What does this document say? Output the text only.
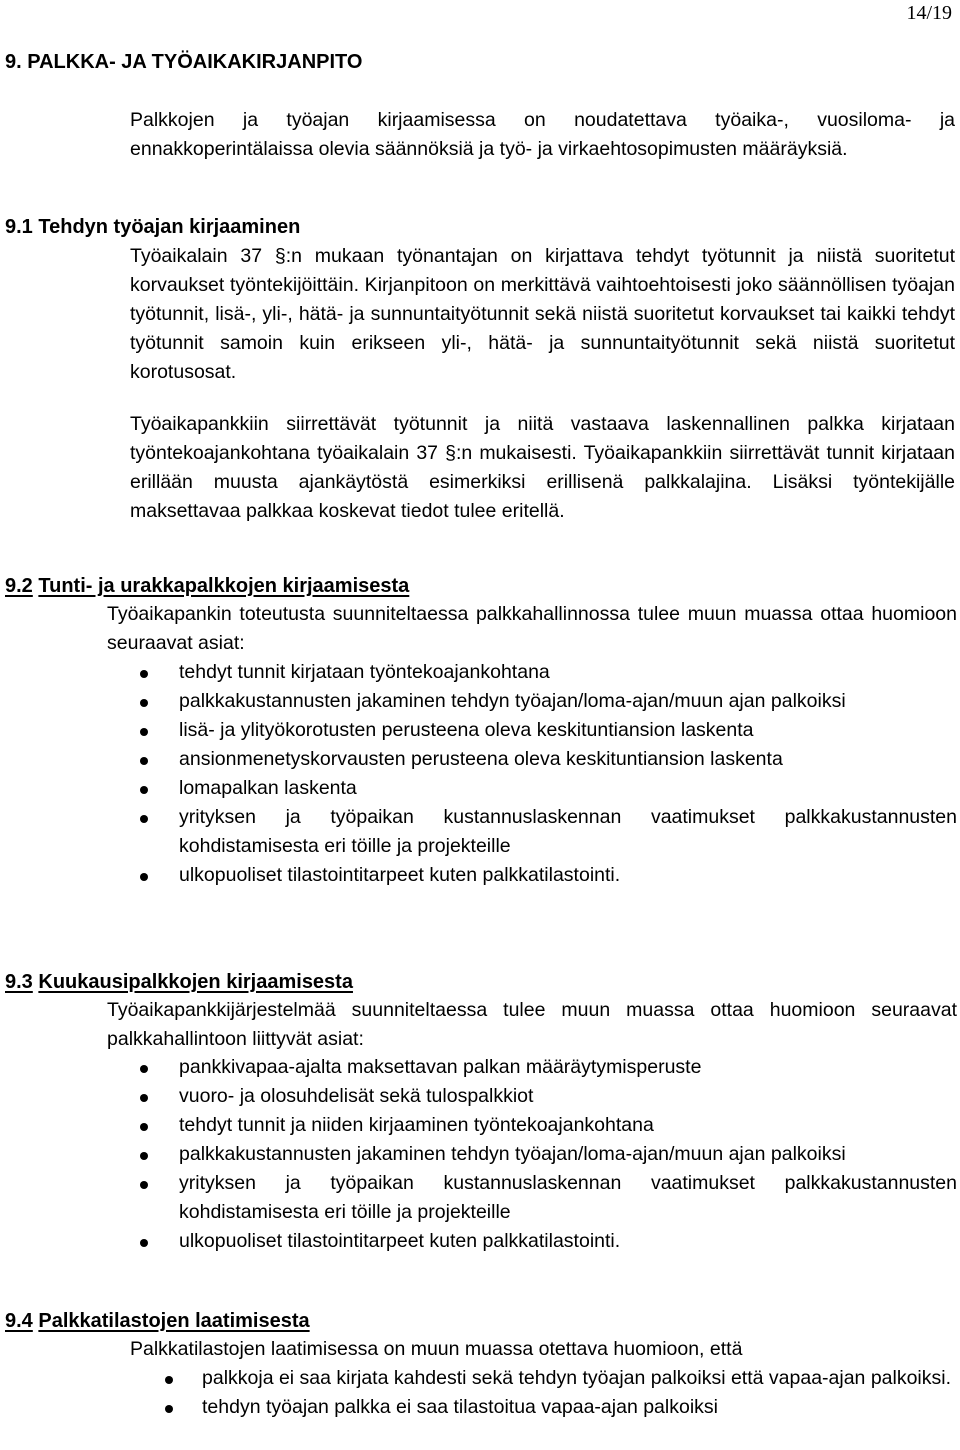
14/19
9. PALKKA- JA TYÖAIKAKIRJANPITO

Palkkojen ja työajan kirjaamisessa on noudatettava työaika-, vuosiloma- ja ennakkoperintälaissa olevia säännöksiä ja työ- ja virkaehtosopimusten määräyksiä.

9.1 Tehdyn työajan kirjaaminen

Työaikalain 37 §:n mukaan työnantajan on kirjattava tehdyt työtunnit ja niistä suoritetut korvaukset työntekijöittäin. Kirjanpitoon on merkittävä vaihtoehtoisesti joko säännöllisen työajan työtunnit, lisä-, yli-, hätä- ja sunnuntaityötunnit sekä niistä suoritetut korvaukset tai kaikki tehdyt työtunnit samoin kuin erikseen yli-, hätä- ja sunnuntaityötunnit sekä niistä suoritetut korotusosat.

Työaikapankkiin siirrettävät työtunnit ja niitä vastaava laskennallinen palkka kirjataan työntekoajankohtana työaikalain 37 §:n mukaisesti. Työaikapankkiin siirrettävät tunnit kirjataan erillään muusta ajankäytöstä esimerkiksi erillisenä palkkalajina. Lisäksi työntekijälle maksettavaa palkkaa koskevat tiedot tulee eritellä.

9.2 Tunti- ja urakkapalkkojen kirjaamisesta

Työaikapankin toteutusta suunniteltaessa palkkahallinnossa tulee muun muassa ottaa huomioon seuraavat asiat:

tehdyt tunnit kirjataan työntekoajankohtana
palkkakustannusten jakaminen tehdyn työajan/loma-ajan/muun ajan palkoiksi
lisä- ja ylityökorotusten perusteena oleva keskituntiansion laskenta
ansionmenetyskorvausten perusteena oleva keskituntiansion laskenta
lomapalkan laskenta
yrityksen ja työpaikan kustannuslaskennan vaatimukset palkkakustannusten kohdistamisesta eri töille ja projekteille
ulkopuoliset tilastointitarpeet kuten palkkatilastointi.
9.3 Kuukausipalkkojen kirjaamisesta

Työaikapankkijärjestelmää suunniteltaessa tulee muun muassa ottaa huomioon seuraavat palkkahallintoon liittyvät asiat:

pankkivapaa-ajalta maksettavan palkan määräytymisperuste
vuoro- ja olosuhdelisät sekä tulospalkkiot
tehdyt tunnit ja niiden kirjaaminen työntekoajankohtana
palkkakustannusten jakaminen tehdyn työajan/loma-ajan/muun ajan palkoiksi
yrityksen ja työpaikan kustannuslaskennan vaatimukset palkkakustannusten kohdistamisesta eri töille ja projekteille
ulkopuoliset tilastointitarpeet kuten palkkatilastointi.
9.4 Palkkatilastojen laatimisesta

Palkkatilastojen laatimisessa on muun muassa otettava huomioon, että

palkkoja ei saa kirjata kahdesti sekä tehdyn työajan palkoiksi että vapaa-ajan palkoiksi.
tehdyn työajan palkka ei saa tilastoitua vapaa-ajan palkoiksi
